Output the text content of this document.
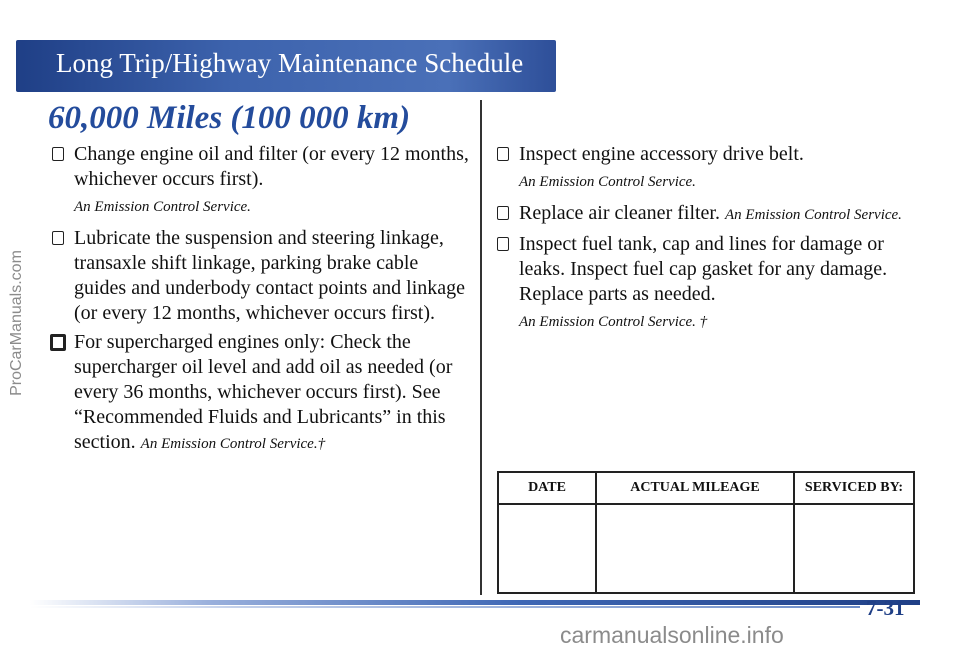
Long Trip/Highway Maintenance Schedule
ProCarManuals.com
60,000 Miles (100 000 km)
Change engine oil and filter (or every 12 months, whichever occurs first).
An Emission Control Service.
Lubricate the suspension and steering linkage, transaxle shift linkage, parking brake cable guides and underbody contact points and linkage (or every 12 months, whichever occurs first).
For supercharged engines only: Check the supercharger oil level and add oil as needed (or every 36 months, whichever occurs first). See “Recommended Fluids and Lubricants” in this section. An Emission Control Service.†
Inspect engine accessory drive belt.
An Emission Control Service.
Replace air cleaner filter. An Emission Control Service.
Inspect fuel tank, cap and lines for damage or leaks. Inspect fuel cap gasket for any damage. Replace parts as needed.
An Emission Control Service. †
DATE	ACTUAL MILEAGE	SERVICED BY:

7-31
carmanualsonline.info
